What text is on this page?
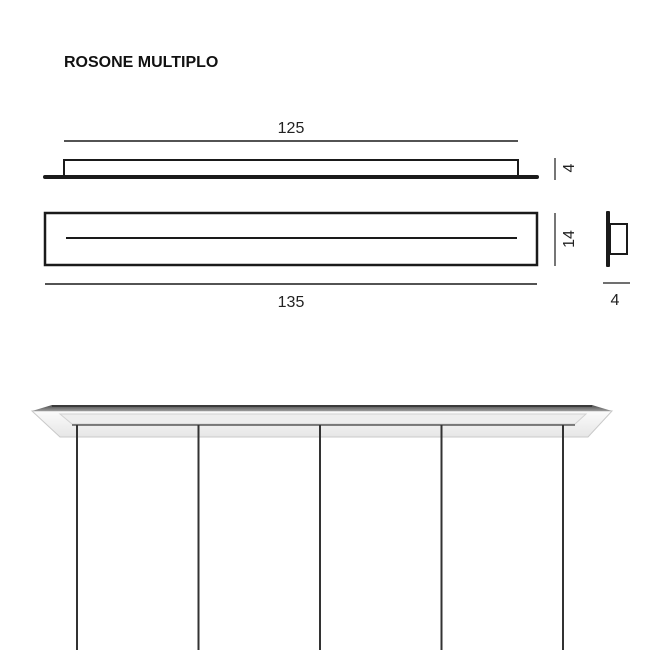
ROSONE MULTIPLO
125
4
135
14
4
